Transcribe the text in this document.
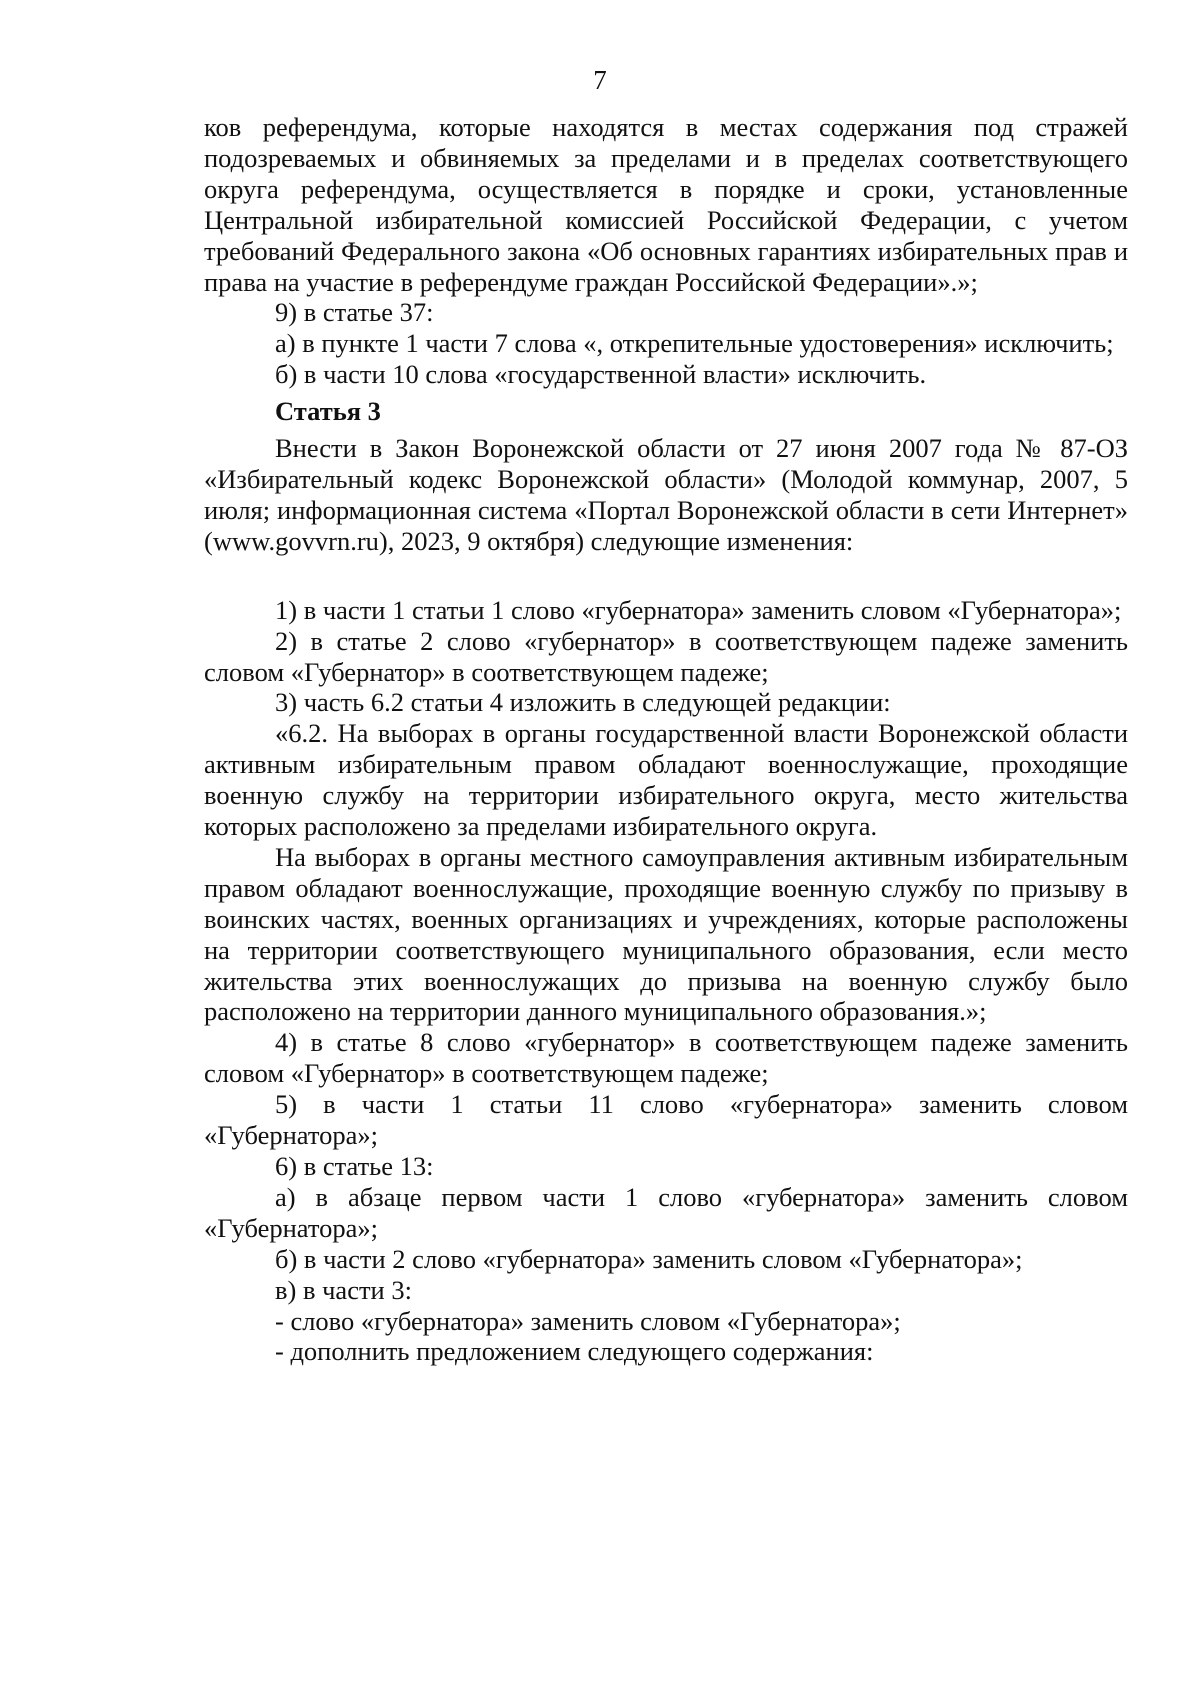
7

ков референдума, которые находятся в местах содержания под стражей подозреваемых и обвиняемых за пределами и в пределах соответствующего округа референдума, осуществляется в порядке и сроки, установленные Центральной избирательной комиссией Российской Федерации, с учетом требований Федерального закона «Об основных гарантиях избирательных прав и права на участие в референдуме граждан Российской Федерации».»;

9) в статье 37:

а) в пункте 1 части 7 слова «, открепительные удостоверения» исключить;

б) в части 10 слова «государственной власти» исключить.

Статья 3

Внести в Закон Воронежской области от 27 июня 2007 года № 87-ОЗ «Избирательный кодекс Воронежской области» (Молодой коммунар, 2007, 5 июля; информационная система «Портал Воронежской области в сети Интернет» (www.govvrn.ru), 2023, 9 октября) следующие изменения:

1) в части 1 статьи 1 слово «губернатора» заменить словом «Губернатора»;

2) в статье 2 слово «губернатор» в соответствующем падеже заменить словом «Губернатор» в соответствующем падеже;

3) часть 6.2 статьи 4 изложить в следующей редакции:

«6.2. На выборах в органы государственной власти Воронежской области активным избирательным правом обладают военнослужащие, проходящие военную службу на территории избирательного округа, место жительства которых расположено за пределами избирательного округа.

На выборах в органы местного самоуправления активным избирательным правом обладают военнослужащие, проходящие военную службу по призыву в воинских частях, военных организациях и учреждениях, которые расположены на территории соответствующего муниципального образования, если место жительства этих военнослужащих до призыва на военную службу было расположено на территории данного муниципального образования.»;

4) в статье 8 слово «губернатор» в соответствующем падеже заменить словом «Губернатор» в соответствующем падеже;

5) в части 1 статьи 11 слово «губернатора» заменить словом «Губернатора»;

6) в статье 13:

а) в абзаце первом части 1 слово «губернатора» заменить словом «Губернатора»;

б) в части 2 слово «губернатора» заменить словом «Губернатора»;

в) в части 3:

- слово «губернатора» заменить словом «Губернатора»;

- дополнить предложением следующего содержания:
